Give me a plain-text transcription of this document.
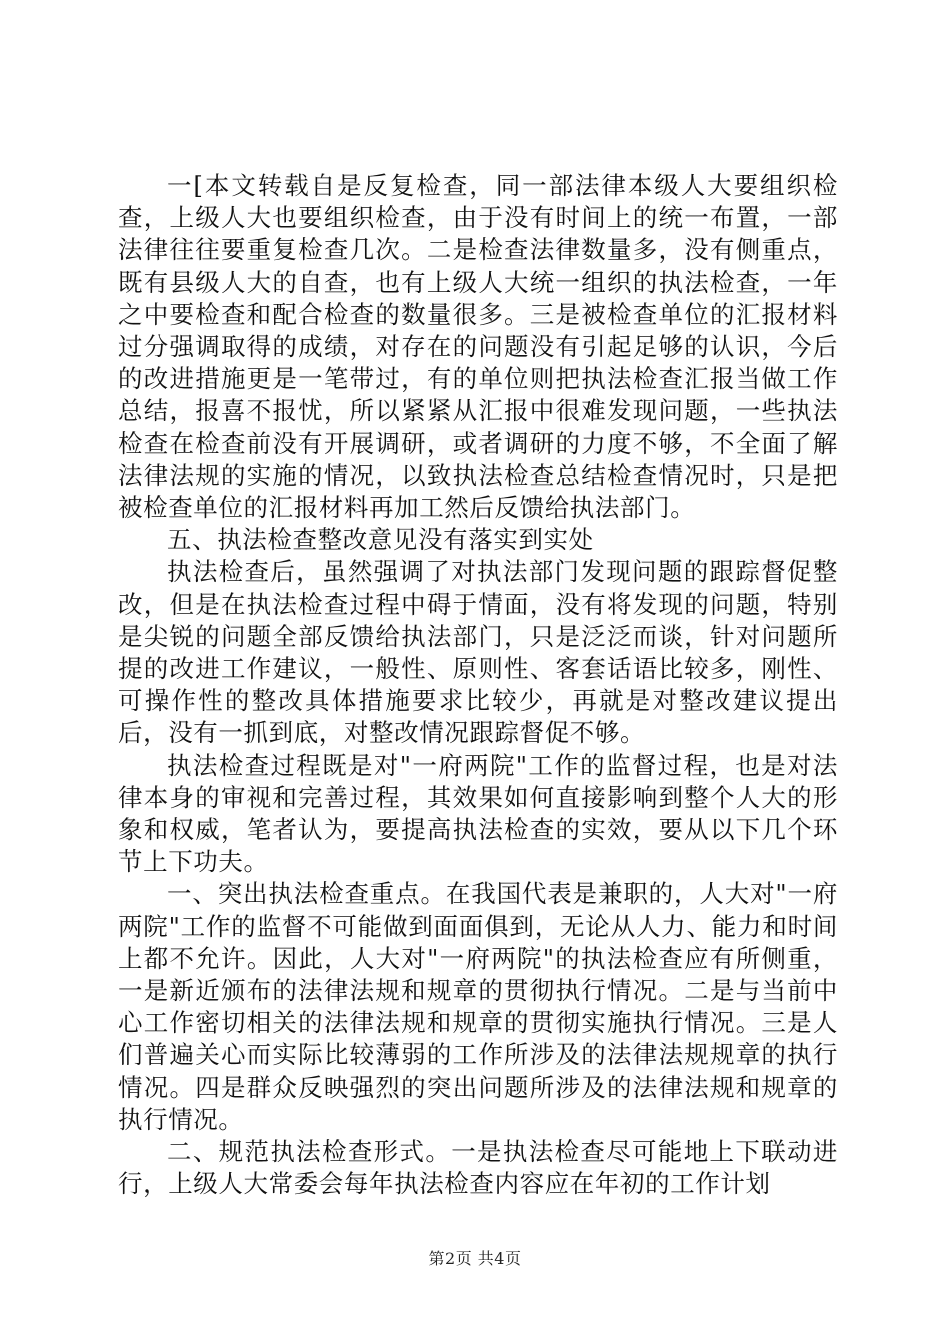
一[本文转载自是反复检查，同一部法律本级人大要组织检查，上级人大也要组织检查，由于没有时间上的统一布置，一部法律往往要重复检查几次。二是检查法律数量多，没有侧重点，既有县级人大的自查，也有上级人大统一组织的执法检查，一年之中要检查和配合检查的数量很多。三是被检查单位的汇报材料过分强调取得的成绩，对存在的问题没有引起足够的认识，今后的改进措施更是一笔带过，有的单位则把执法检查汇报当做工作总结，报喜不报忧，所以紧紧从汇报中很难发现问题，一些执法检查在检查前没有开展调研，或者调研的力度不够，不全面了解法律法规的实施的情况，以致执法检查总结检查情况时，只是把被检查单位的汇报材料再加工然后反馈给执法部门。

五、执法检查整改意见没有落实到实处

执法检查后，虽然强调了对执法部门发现问题的跟踪督促整改，但是在执法检查过程中碍于情面，没有将发现的问题，特别是尖锐的问题全部反馈给执法部门，只是泛泛而谈，针对问题所提的改进工作建议，一般性、原则性、客套话语比较多，刚性、可操作性的整改具体措施要求比较少，再就是对整改建议提出后，没有一抓到底，对整改情况跟踪督促不够。

执法检查过程既是对"一府两院"工作的监督过程，也是对法律本身的审视和完善过程，其效果如何直接影响到整个人大的形象和权威，笔者认为，要提高执法检查的实效，要从以下几个环节上下功夫。

一、突出执法检查重点。在我国代表是兼职的，人大对"一府两院"工作的监督不可能做到面面俱到，无论从人力、能力和时间上都不允许。因此，人大对"一府两院"的执法检查应有所侧重，一是新近颁布的法律法规和规章的贯彻执行情况。二是与当前中心工作密切相关的法律法规和规章的贯彻实施执行情况。三是人们普遍关心而实际比较薄弱的工作所涉及的法律法规规章的执行情况。四是群众反映强烈的突出问题所涉及的法律法规和规章的执行情况。

二、规范执法检查形式。一是执法检查尽可能地上下联动进行，上级人大常委会每年执法检查内容应在年初的工作计划

第2页 共4页
